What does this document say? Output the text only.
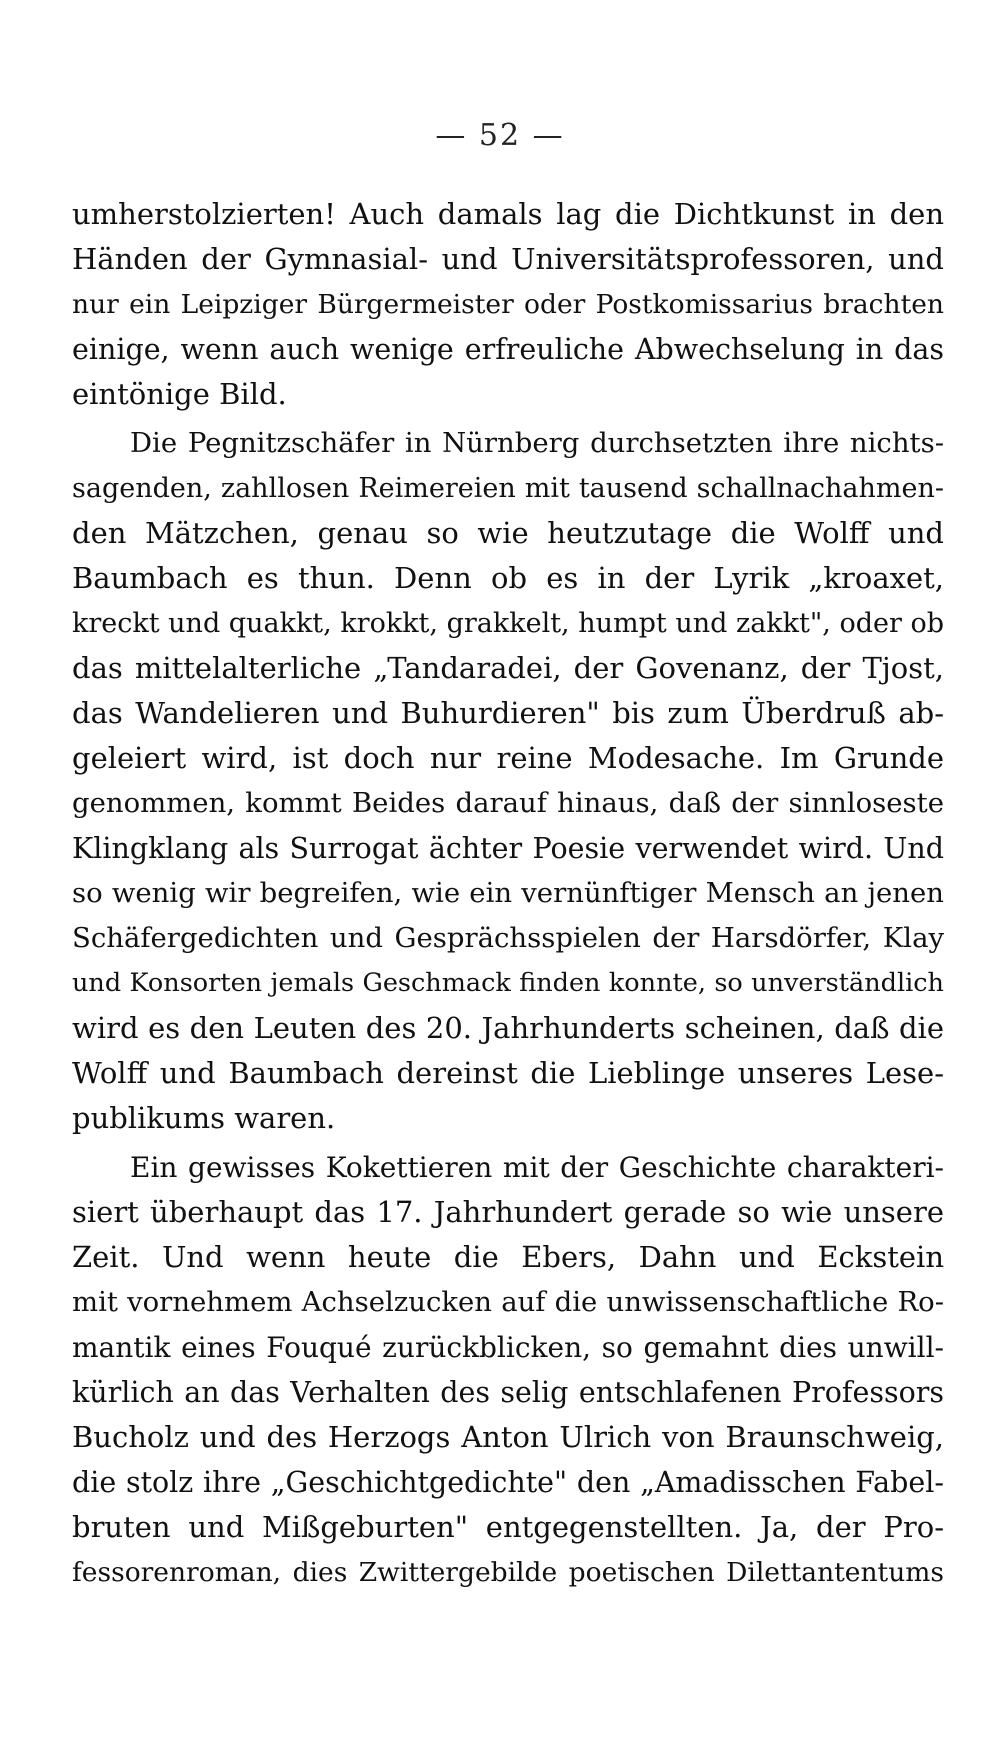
— 52 —
umherstolzierten! Auch damals lag die Dichtkunst in den
Händen der Gymnasial- und Universitätsprofessoren, und
nur ein Leipziger Bürgermeister oder Postkomissarius brachten
einige, wenn auch wenige erfreuliche Abwechselung in das
eintönige Bild.
Die Pegnitzschäfer in Nürnberg durchsetzten ihre nichts-
sagenden, zahllosen Reimereien mit tausend schallnachahmen-
den Mätzchen, genau so wie heutzutage die Wolff und
Baumbach es thun. Denn ob es in der Lyrik „kroaxet,
kreckt und quakkt, krokkt, grakkelt, humpt und zakkt", oder ob
das mittelalterliche „Tandaradei, der Govenanz, der Tjost,
das Wandelieren und Buhurdieren" bis zum Überdruß ab-
geleiert wird, ist doch nur reine Modesache. Im Grunde
genommen, kommt Beides darauf hinaus, daß der sinnloseste
Klingklang als Surrogat ächter Poesie verwendet wird. Und
so wenig wir begreifen, wie ein vernünftiger Mensch an jenen
Schäfergedichten und Gesprächsspielen der Harsdörfer, Klay
und Konsorten jemals Geschmack finden konnte, so unverständlich
wird es den Leuten des 20. Jahrhunderts scheinen, daß die
Wolff und Baumbach dereinst die Lieblinge unseres Lese-
publikums waren.
Ein gewisses Kokettieren mit der Geschichte charakteri-
siert überhaupt das 17. Jahrhundert gerade so wie unsere
Zeit. Und wenn heute die Ebers, Dahn und Eckstein
mit vornehmem Achselzucken auf die unwissenschaftliche Ro-
mantik eines Fouqué zurückblicken, so gemahnt dies unwill-
kürlich an das Verhalten des selig entschlafenen Professors
Bucholz und des Herzogs Anton Ulrich von Braunschweig,
die stolz ihre „Geschichtgedichte" den „Amadisschen Fabel-
bruten und Mißgeburten" entgegenstellten. Ja, der Pro-
fessorenroman, dies Zwittergebilde poetischen Dilettantentums
